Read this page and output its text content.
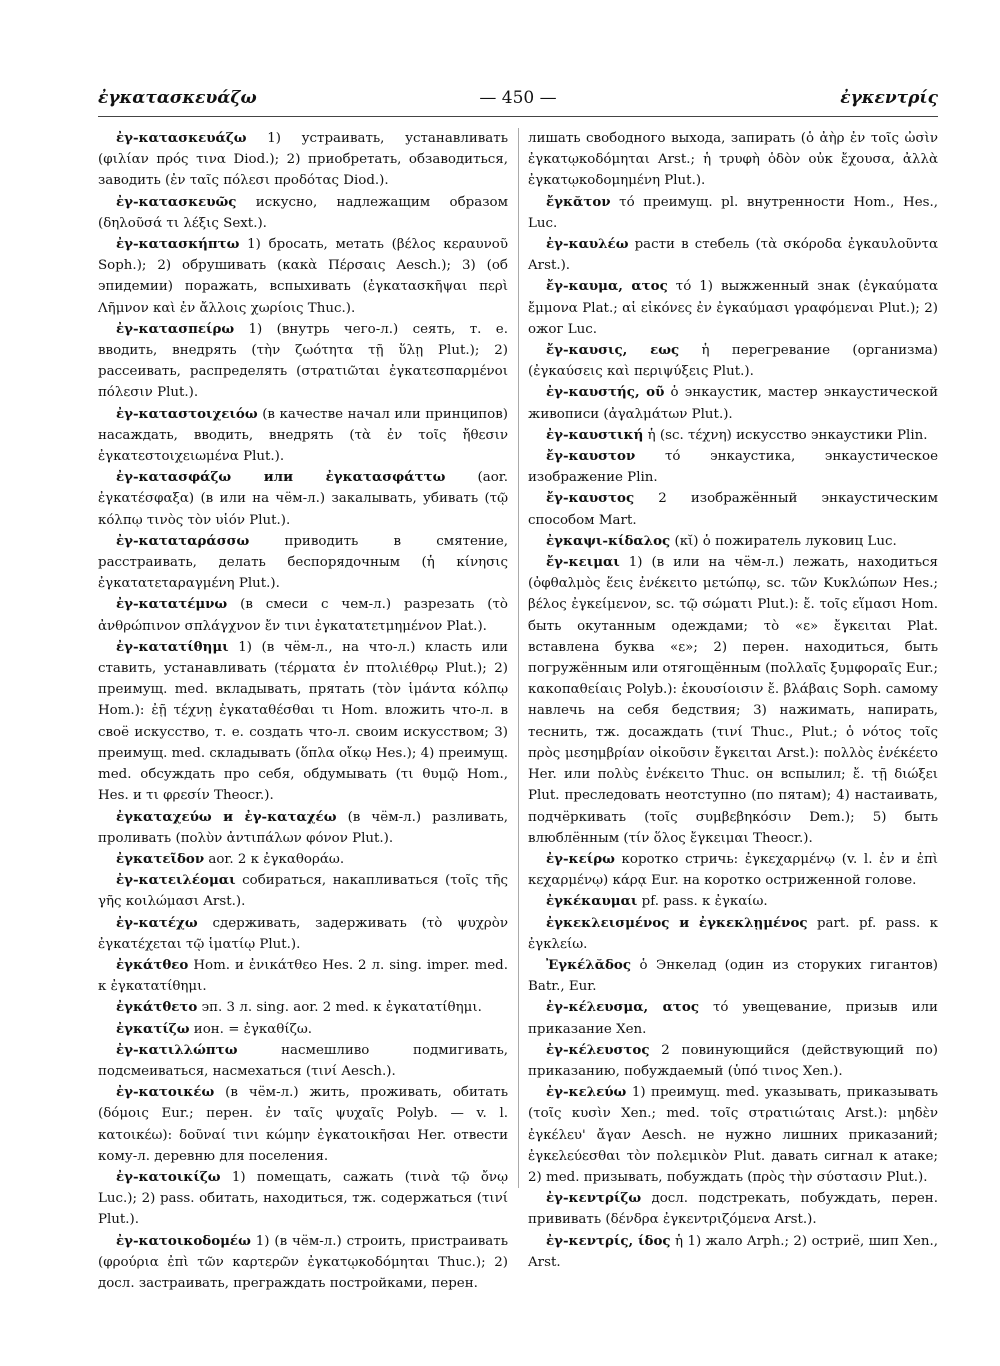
ἐγκατασκευάζω	— 450 —	ἐγκεντρίς

ἐγ-κατασκευάζω 1) устраивать, устанавливать (φιλίαν πρός τινα Diod.); 2) приобретать, обзаводиться, заводить (ἐν ταῖς πόλεσι προδότας Diod.).

ἐγ-κατασκευῶς искусно, надлежащим образом (δηλοῦσά τι λέξις Sext.).

ἐγ-κατασκήπτω 1) бросать, метать (βέλος κεραυνοῦ Soph.); 2) обрушивать (κακὰ Πέρσαις Aesch.); 3) (об эпидемии) поражать, вспыхивать (ἐγκατασκῆψαι περὶ Λῆμνον καὶ ἐν ἄλλοις χωρίοις Thuc.).

ἐγ-κατασπείρω 1) (внутрь чего-л.) сеять, т. е. вводить, внедрять (τὴν ζωότητα τῇ ὕλῃ Plut.); 2) рассеивать, распределять (στρατιῶται ἐγκατεσπαρμένοι πόλεσιν Plut.).

ἐγ-καταστοιχειόω (в качестве начал или принципов) насаждать, вводить, внедрять (τὰ ἐν τοῖς ἤθεσιν ἐγκατεστοιχειωμένα Plut.).

ἐγ-κατασφάζω или ἐγκατασφάττω (aor. ἐγκατέσφαξα) (в или на чём-л.) закалывать, убивать (τῷ κόλπῳ τινὸς τὸν υἱόν Plut.).

ἐγ-καταταράσσω	приводить в смятение, расстраивать, делать беспорядочным (ἡ κίνησις ἐγκατατεταραγμένη Plut.).

ἐγ-κατατέμνω (в смеси с чем-л.) разрезать (τὸ ἀνθρώπινον σπλάγχνον ἔν τινι ἐγκατατετμημένον Plat.).

ἐγ-κατατίθημι 1) (в чём-л., на что-л.) класть или ставить, устанавливать (τέρματα ἐν πτολιέθρῳ Plut.); 2) преимущ. med. вкладывать, прятать (τὸν ἱμάντα κόλπῳ Hom.): ἐῇ τέχνῃ ἐγκαταθέσθαι τι Hom. вложить что-л. в своё искусство, т. е. создать что-л. своим искусством; 3) преимущ. med. складывать (ὅπλα οἴκῳ Hes.); 4) преимущ. med. обсуждать про себя, обдумывать (τι θυμῷ Hom., Hes. и τι φρεσίν Theocr.).

ἐγκαταχεύω и ἐγ-καταχέω (в чём-л.) разливать, проливать (πολὺν ἀντιπάλων φόνον Plut.).

ἐγκατεῖδον aor. 2 к ἐγκαθοράω.

ἐγ-κατειλέομαι собираться, накапливаться (τοῖς τῆς γῆς κοιλώμασι Arst.).

ἐγ-κατέχω сдерживать, задерживать (τὸ ψυχρὸν ἐγκατέχεται τῷ ἱματίῳ Plut.).

ἐγκάτθεο Hom. и ἐνικάτθεο Hes. 2 л. sing. imper. med. к ἐγκατατίθημι.

ἐγκάτθετο эп. 3 л. sing. aor. 2 med. к ἐγκατατίθημι.

ἐγκατίζω ион. = ἐγκαθίζω.

ἐγ-κατιλλώπτω	насмешливо подмигивать, подсмеиваться, насмехаться (τινί Aesch.).

ἐγ-κατοικέω (в чём-л.) жить, проживать, обитать (δόμοις Eur.; перен. ἐν ταῖς ψυχαῖς Polyb. — v. l. κατοικέω): δοῦναί τινι κώμην ἐγκατοικῆσαι Her. отвести кому-л. деревню для поселения.

ἐγ-κατοικίζω 1) помещать, сажать (τινὰ τῷ ὄνῳ Luc.); 2) pass. обитать, находиться, тж. содержаться (τινί Plut.).

ἐγ-κατοικοδομέω 1) (в чём-л.) строить, пристраивать (φρούρια ἐπὶ τῶν καρτερῶν ἐγκατῳκοδόμηται Thuc.); 2) досл. застраивать, преграждать постройками, перен.

лишать свободного выхода, запирать (ὁ ἀὴρ ἐν τοῖς ὠσὶν ἐγκατῳκοδόμηται Arst.; ἡ τρυφὴ ὁδὸν οὐκ ἔχουσα, ἀλλὰ ἐγκατῳκοδομημένη Plut.).

ἔγκᾰτον τό преимущ. pl. внутренности Hom., Hes., Luc.

ἐγ-καυλέω расти в стебель (τὰ σκόροδα ἐγκαυλοῦντα Arst.).

ἔγ-καυμα, ατος τό 1) выжженный знак (ἐγκαύματα ἔμμονα Plat.; αἱ εἰκόνες ἐν ἐγκαύμασι γραφόμεναι Plut.); 2) ожог Luc.

ἔγ-καυσις, εως ἡ перегревание (организма) (ἐγκαύσεις καὶ περιψύξεις Plut.).

ἐγ-καυστής, οῦ ὁ энкаустик, мастер энкаустической живописи (ἀγαλμάτων Plut.).

ἐγ-καυστική ἡ (sc. τέχνη) искусство энкаустики Plin.

ἔγ-καυστον τό энкаустика, энкаустическое изображение Plin.

ἔγ-καυστος 2 изображённый энкаустическим способом Mart.

ἐγκαψι-κίδαλος (κῐ) ὁ пожиратель луковиц Luc.

ἔγ-κειμαι 1) (в или на чём-л.) лежать, находиться (ὀφθαλμὸς ἕεις ἐνέκειτο μετώπῳ, sc. τῶν Κυκλώπων Hes.; βέλος ἐγκείμενον, sc. τῷ σώματι Plut.): ἔ. τοῖς εἵμασι Hom. быть окутанным одеждами; τὸ «ε» ἔγκειται Plat. вставлена буква «ε»; 2) перен. находиться, быть погружённым или отягощённым (πολλαῖς ξυμφοραῖς Eur.; κακοπαθείαις Polyb.): ἑκουσίοισιν ἔ. βλάβαις Soph. самому навлечь на себя бедствия; 3) нажимать, напирать, теснить, тж. досаждать (τινί Thuc., Plut.; ὁ νότος τοῖς πρὸς μεσημβρίαν οἰκοῦσιν ἔγκειται Arst.): πολλὸς ἐνέκέετο Her. или πολὺς ἐνέκειτο Thuc. он вспылил; ἔ. τῇ διώξει Plut. преследовать неотступно (по пятам); 4) настаивать, подчёркивать (τοῖς συμβεβηκόσιν Dem.); 5) быть влюблённым (τίν ὅλος ἔγκειμαι Theocr.).

ἐγ-κείρω коротко стричь: ἐγκεχαρμένῳ (v. l. ἐν и ἐπὶ κεχαρμένῳ) κάρᾳ Eur. на коротко остриженной голове.

ἐγκέκαυμαι pf. pass. к ἐγκαίω.

ἐγκεκλεισμένος и ἐγκεκλῃμένος part. pf. pass. к ἐγκλείω.

Ἐγκέλᾰδος ὁ Энкелад (один из сторуких гигантов) Batr., Eur.

ἐγ-κέλευσμα, ατος τό увещевание, призыв или приказание Xen.

ἐγ-κέλευστος 2 повинующийся (действующий по) приказанию, побуждаемый (ὑπό τινος Xen.).

ἐγ-κελεύω 1) преимущ. med. указывать, приказывать (τοῖς κυσὶν Xen.; med. τοῖς στρατιώταις Arst.): μηδὲν ἐγκέλευ' ἄγαν Aesch. не нужно лишних приказаний; ἐγκελεύεσθαι τὸν πολεμικὸν Plut. давать сигнал к атаке; 2) med. призывать, побуждать (πρὸς τὴν σύστασιν Plut.).

ἐγ-κεντρίζω досл. подстрекать, побуждать, перен. прививать (δένδρα ἐγκεντριζόμενα Arst.).

ἐγ-κεντρίς, ίδος ἡ 1) жало Arph.; 2) остриё, шип Xen., Arst.
